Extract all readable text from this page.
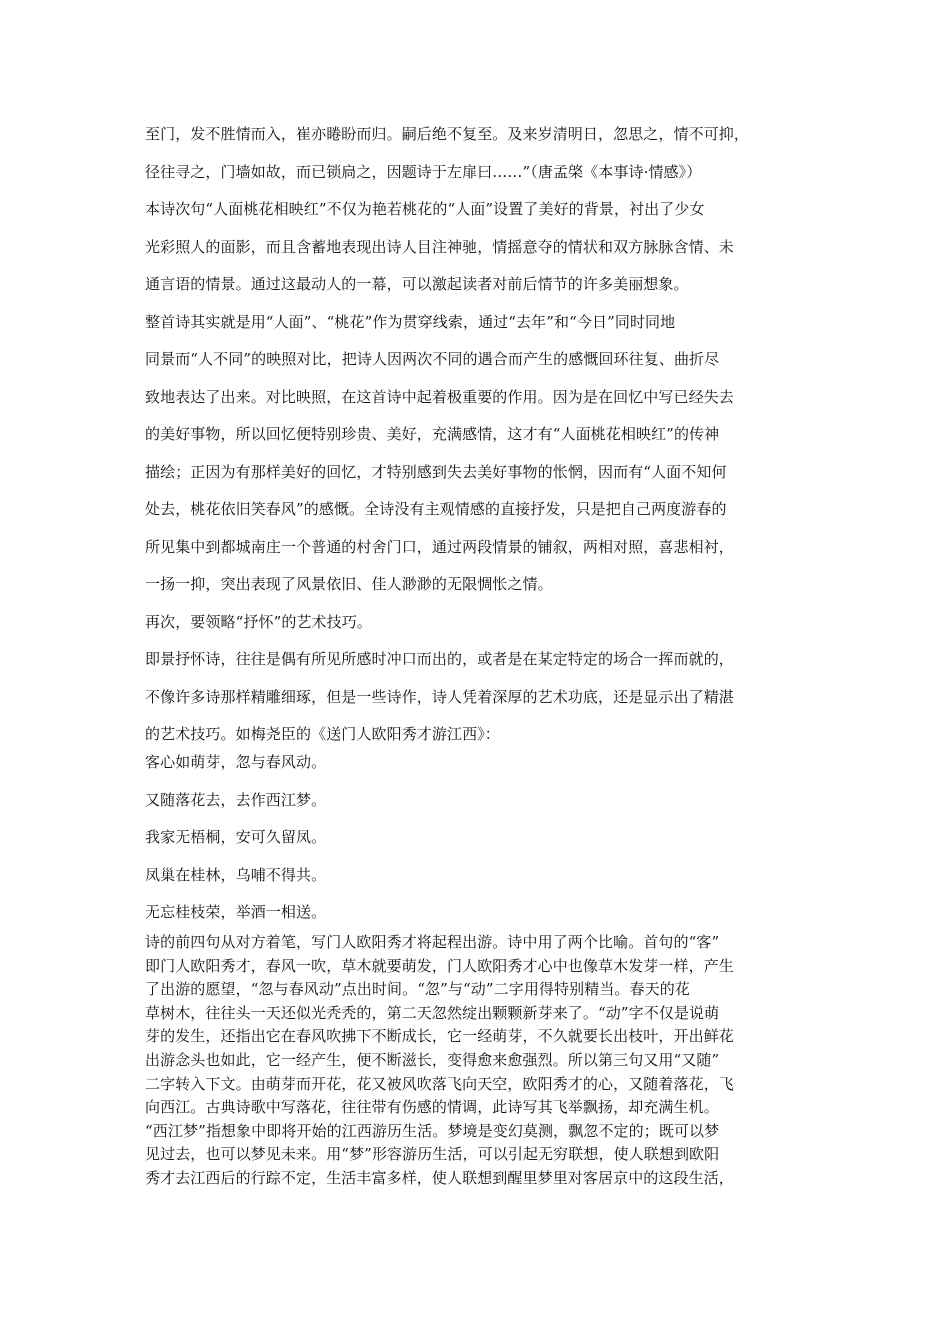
至门，发不胜情而入，崔亦睠盼而归。嗣后绝不复至。及来岁清明日，忽思之，情不可抑，

径往寻之，门墙如故，而已锁扃之，因题诗于左扉曰……”（唐孟棨《本事诗·情感》）

本诗次句“人面桃花相映红”不仅为艳若桃花的“人面”设置了美好的背景，衬出了少女

光彩照人的面影，而且含蓄地表现出诗人目注神驰，情摇意夺的情状和双方脉脉含情、未

通言语的情景。通过这最动人的一幕，可以激起读者对前后情节的许多美丽想象。

整首诗其实就是用“人面”、“桃花”作为贯穿线索，通过“去年”和“今日”同时同地

同景而“人不同”的映照对比，把诗人因两次不同的遇合而产生的感慨回环往复、曲折尽

致地表达了出来。对比映照，在这首诗中起着极重要的作用。因为是在回忆中写已经失去

的美好事物，所以回忆便特别珍贵、美好，充满感情，这才有“人面桃花相映红”的传神

描绘；正因为有那样美好的回忆，才特别感到失去美好事物的怅惘，因而有“人面不知何

处去，桃花依旧笑春风”的感慨。全诗没有主观情感的直接抒发，只是把自己两度游春的

所见集中到都城南庄一个普通的村舍门口，通过两段情景的铺叙，两相对照，喜悲相衬，

一扬一抑，突出表现了风景依旧、佳人渺渺的无限惆怅之情。

再次，要领略“抒怀”的艺术技巧。

即景抒怀诗，往往是偶有所见所感时冲口而出的，或者是在某定特定的场合一挥而就的，

不像许多诗那样精雕细琢，但是一些诗作，诗人凭着深厚的艺术功底，还是显示出了精湛

的艺术技巧。如梅尧臣的《送门人欧阳秀才游江西》：

客心如萌芽，忽与春风动。

又随落花去，去作西江梦。

我家无梧桐，安可久留凤。

凤巢在桂林，乌哺不得共。

无忘桂枝荣，举酒一相送。

诗的前四句从对方着笔，写门人欧阳秀才将起程出游。诗中用了两个比喻。首句的“客”

即门人欧阳秀才，春风一吹，草木就要萌发，门人欧阳秀才心中也像草木发芽一样，产生

了出游的愿望，“忽与春风动”点出时间。“忽”与“动”二字用得特别精当。春天的花

草树木，往往头一天还似光秃秃的，第二天忽然绽出颗颗新芽来了。“动”字不仅是说萌

芽的发生，还指出它在春风吹拂下不断成长，它一经萌芽，不久就要长出枝叶，开出鲜花

出游念头也如此，它一经产生，便不断滋长，变得愈来愈强烈。所以第三句又用“又随”

二字转入下文。由萌芽而开花，花又被风吹落飞向天空，欧阳秀才的心，又随着落花，飞

向西江。古典诗歌中写落花，往往带有伤感的情调，此诗写其飞举飘扬，却充满生机。

“西江梦”指想象中即将开始的江西游历生活。梦境是变幻莫测，飘忽不定的；既可以梦

见过去，也可以梦见未来。用“梦”形容游历生活，可以引起无穷联想，使人联想到欧阳

秀才去江西后的行踪不定，生活丰富多样，使人联想到醒里梦里对客居京中的这段生活，
